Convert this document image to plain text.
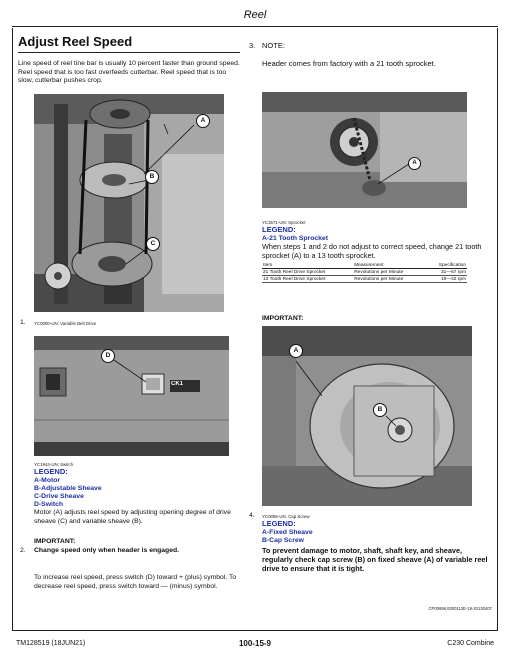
Reel
TM128519 (18JUN21)	100-15-9	C230 Combine
Adjust Reel Speed
Line speed of reel tine bar is usually 10 percent faster than ground speed. Reel speed that is too fast overfeeds cutterbar. Reel speed that is too slow, cutterbar pushes crop.
A
B
C
1. YC0000-UN: Variable Belt Drive
D
CK1
YC1944-UN: Switch
LEGEND:
A-Motor
B-Adjustable Sheave
C-Drive Sheave
D-Switch
Motor (A) adjusts reel speed by adjusting opening degree of drive sheave (C) and variable sheave (B).
IMPORTANT:
2. Change speed only when header is engaged.
To increase reel speed, press switch (D) toward + (plus) symbol. To decrease reel speed, press switch toward — (minus) symbol.
3. NOTE:
Header comes from factory with a 21 tooth sprocket.
A
YC3571-UN: Sprocket
LEGEND:
A-21 Tooth Sprocket
When steps 1 and 2 do not adjust to correct speed, change 21 tooth sprocket (A) to a 13 tooth sprocket.
Item	Measurement	Specification
21 Tooth Reel Drive Sprocket	Revolutions per Minute	31—67 rpm
13 Tooth Reel Drive Sprocket	Revolutions per Minute	19—42 rpm
IMPORTANT:
A
B
4. YC0085-UN: Cap Screw
LEGEND:
A-Fixed Sheave
B-Cap Screw
To prevent damage to motor, shaft, shaft key, and sheave, regularly check cap screw (B) on fixed sheave (A) of variable reel drive to ensure that it is tight.
CP00698,0000113E-19-20130407
